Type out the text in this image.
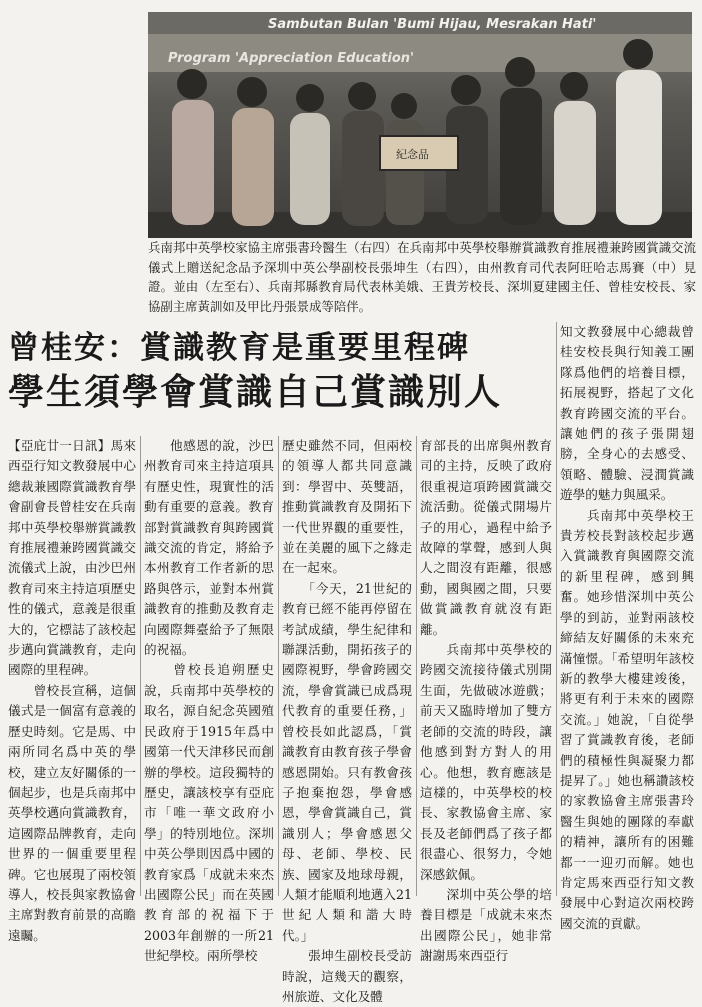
Sambutan Bulan 'Bumi Hijau, Mesrakan Hati'
Program 'Appreciation Education'
紀念品

兵南邦中英學校家協主席張書玲醫生（右四）在兵南邦中英學校舉辦賞識教育推展禮兼跨國賞識交流儀式上贈送紀念品予深圳中英公學副校長張坤生（右四），由州教育司代表阿旺哈志馬賽（中）見證。並由（左至右）、兵南邦縣教育局代表林美娥、王貴芳校長、深圳夏建國主任、曾桂安校長、家協副主席黃訓如及甲比丹張景成等陪伴。

曾桂安：賞識教育是重要里程碑
學生須學會賞識自己賞識別人

【亞庇廿一日訊】馬來西亞行知文教發展中心總裁兼國際賞識教育學會副會長曾桂安在兵南邦中英學校舉辦賞識教育推展禮兼跨國賞識交流儀式上說，由沙巴州教育司來主持這項歷史性的儀式，意義是很重大的，它標誌了該校起步邁向賞識教育，走向國際的里程碑。
　　曾校長宣稱，這個儀式是一個富有意義的歷史時刻。它是馬、中兩所同名爲中英的學校，建立友好關係的一個起步，也是兵南邦中英學校邁向賞識教育，這國際品牌教育，走向世界的一個重要里程碑。它也展現了兩校領導人，校長與家教協會主席對教育前景的高瞻遠矚。

　　他感恩的說，沙巴州教育司來主持這項具有歷史性，現實性的活動有重要的意義。教育部對賞識教育與跨國賞識交流的肯定，將給予本州教育工作者新的思路與啓示，並對本州賞識教育的推動及教育走向國際舞臺給予了無限的祝福。
　　曾校長追朔歷史說，兵南邦中英學校的取名，源自紀念英國殖民政府于1915年爲中國第一代天津移民而創辦的學校。這段獨特的歷史，讓該校享有亞庇市「唯一華文政府小學」的特別地位。深圳中英公學則因爲中國的教育家爲「成就未來杰出國際公民」而在英國教育部的祝福下于2003年創辦的一所21世紀學校。兩所學校

歷史雖然不同，但兩校的領導人都共同意識到：學習中、英雙語，推動賞識教育及開拓下一代世界觀的重要性，並在美麗的風下之緣走在一起來。
　　「今天，21世紀的教育已經不能再停留在考試成績，學生紀律和聯課活動，開拓孩子的國際視野，學會跨國交流，學會賞識已成爲現代教育的重要任務，」曾校長如此認爲，「賞識教育由教育孩子學會感恩開始。只有教會孩子抱棄抱怨，學會感恩，學會賞識自己，賞識別人；學會感恩父母、老師、學校、民族、國家及地球母親，人類才能順利地邁入21世紀人類和諧大時代。」
　　張坤生副校長受訪時說，這幾天的觀察，州旅遊、文化及體

育部長的出席與州教育司的主持，反映了政府很重視這項跨國賞識交流活動。從儀式開場片子的用心，過程中給予故障的掌聲，感到人與人之間沒有距離，很感動，國與國之間，只要做賞識教育就沒有距離。
　　兵南邦中英學校的跨國交流接待儀式別開生面，先做破冰遊戲；前天又臨時增加了雙方老師的交流的時段，讓他感到對方對人的用心。他想，教育應該是這樣的，中英學校的校長、家教協會主席、家長及老師們爲了孩子都很盡心、很努力，令她深感欽佩。
　　深圳中英公學的培養目標是「成就未來杰出國際公民」，她非常謝謝馬來西亞行

知文教發展中心總裁曾桂安校長與行知義工團隊爲他們的培養目標，拓展視野，搭起了文化教育跨國交流的平台。讓她們的孩子張開翅膀，全身心的去感受、領略、體驗、浸潤賞識遊學的魅力與風采。
　　兵南邦中英學校王貴芳校長對該校起步邁入賞識教育與國際交流的新里程碑，感到興奮。她珍惜深圳中英公學的到訪，並對兩該校締結友好關係的未來充滿憧憬。「希望明年該校新的教學大樓建竣後，將更有利于未來的國際交流。」她說，「自從學習了賞識教育後，老師們的積極性與凝聚力都提昇了。」她也稱讚該校的家教協會主席張書玲醫生與她的團隊的奉獻的精神，讓所有的困難都一一迎刃而解。她也肯定馬來西亞行知文教發展中心對這次兩校跨國交流的貢獻。
